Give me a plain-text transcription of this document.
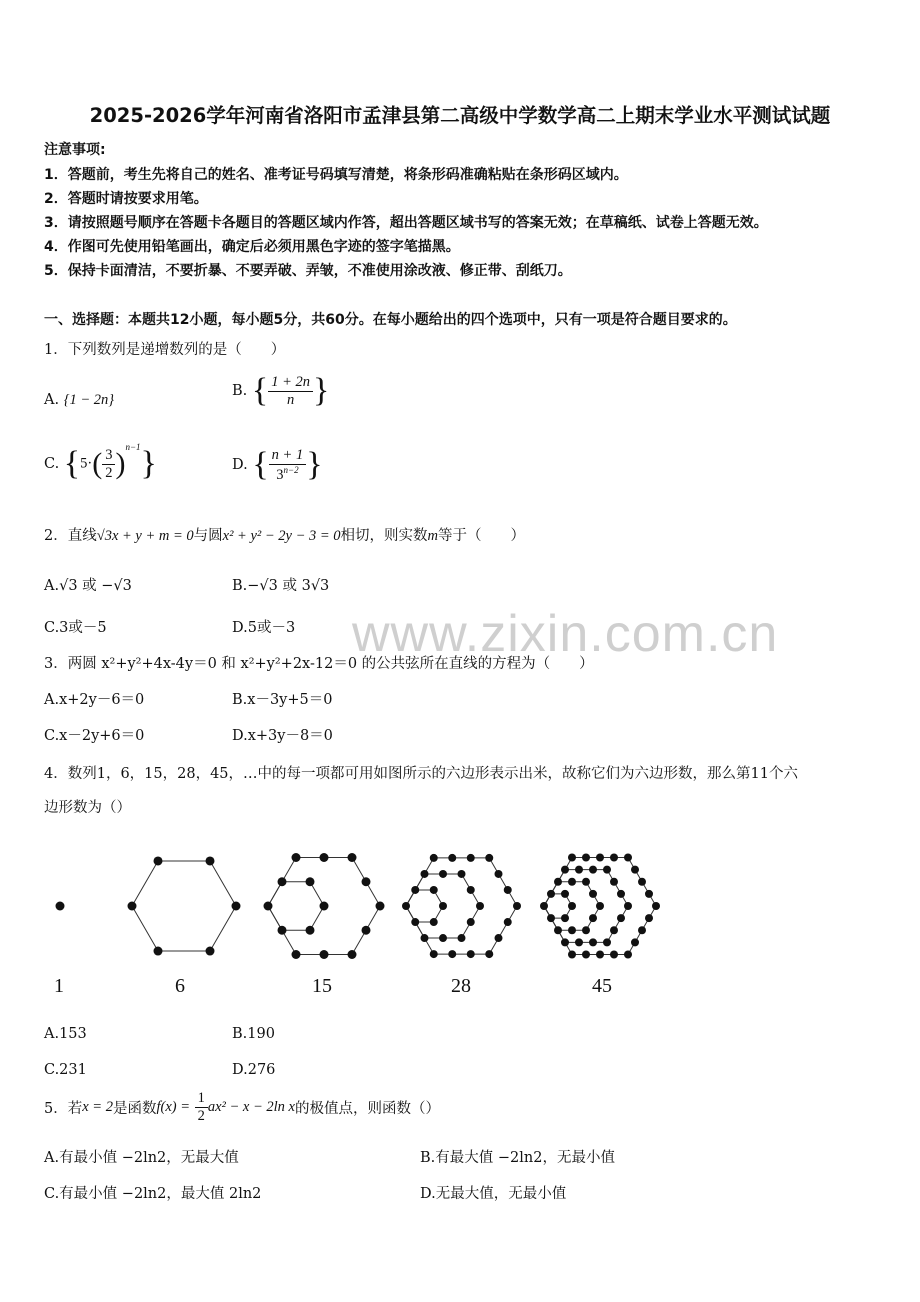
2025-2026学年河南省洛阳市孟津县第二高级中学数学高二上期末学业水平测试试题
注意事项:
1．答题前，考生先将自己的姓名、准考证号码填写清楚，将条形码准确粘贴在条形码区域内。
2．答题时请按要求用笔。
3．请按照题号顺序在答题卡各题目的答题区域内作答，超出答题区域书写的答案无效；在草稿纸、试卷上答题无效。
4．作图可先使用铅笔画出，确定后必须用黑色字迹的签字笔描黑。
5．保持卡面清洁，不要折暴、不要弄破、弄皱，不准使用涂改液、修正带、刮纸刀。
一、选择题：本题共12小题，每小题5分，共60分。在每小题给出的四个选项中，只有一项是符合题目要求的。
1．下列数列是递增数列的是（　　）
A. {1 − 2n}
B. { $\frac{1 + 2n}{n}$ }
C. $\{5\cdot( \frac{3}{2} )^{n-1}\}$	D. { $\frac{n + 1}{3^{n-2}}$ }
2．直线√3x + y + m = 0与圆x² + y² − 2y − 3 = 0相切，则实数m等于（　　）
A.√3 或 −√3	B.−√3 或 3√3
C.3或－5	D.5或－3 www.zixin.com.cn
3．两圆 x²+y²+4x-4y＝0 和 x²+y²+2x-12＝0 的公共弦所在直线的方程为（　　）
A.x+2y－6＝0	B.x－3y+5＝0
C.x－2y+6＝0	D.x+3y－8＝0
4．数列1，6，15，28，45，…中的每一项都可用如图所示的六边形表示出米，故称它们为六边形数，那么第11个六
边形数为（）
1	6	15	28	45
A.153	B.190
C.231	D.276
5．若x = 2是函数$f(x) = \frac{1}{2} ax^2 - x - 2\ln$ x的极值点，则函数（）
A.有最小值 −2ln2，无最大值	B.有最大值 −2ln2，无最小值
C.有最小值 −2ln2，最大值 2ln2	D.无最大值，无最小值
